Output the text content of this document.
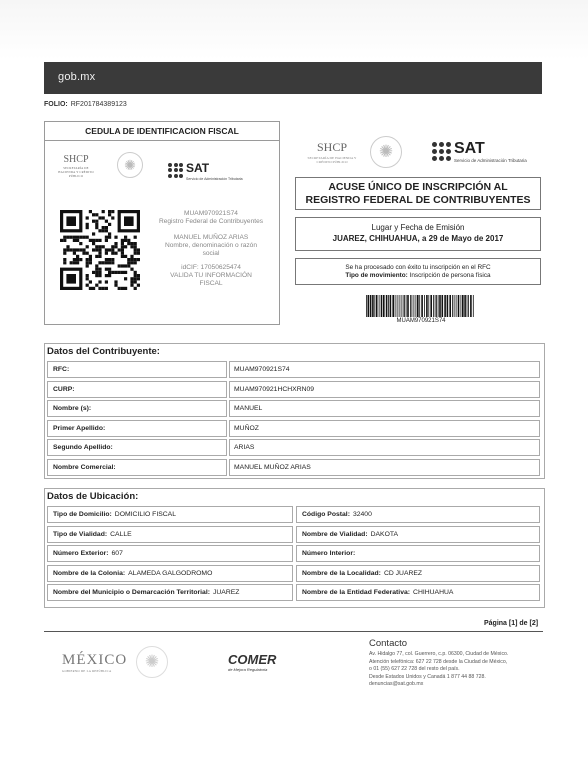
gob.mx
FOLIO: RF201784389123
CEDULA DE IDENTIFICACION FISCAL
SHCP
SECRETARÍA DE HACIENDA Y CRÉDITO PÚBLICO
✺	SAT
Servicio de Administración Tributaria
MUAM970921S74
Registro Federal de Contribuyentes
MANUEL MUÑOZ ARIAS
Nombre, denominación o razón
social
idCIF: 17050625474
VALIDA TU INFORMACIÓN
FISCAL
SHCP
SECRETARÍA DE HACIENDA Y CRÉDITO PÚBLICO
✺	SAT
Servicio de Administración Tributaria
ACUSE ÚNICO DE INSCRIPCIÓN AL
REGISTRO FEDERAL DE CONTRIBUYENTES
Lugar y Fecha de Emisión
JUAREZ, CHIHUAHUA, a 29 de Mayo de 2017
Se ha procesado con éxito tu inscripción en el RFC
Tipo de movimiento: Inscripción de persona física
MUAM970921S74
Datos del Contribuyente:
RFC:	MUAM970921S74
CURP:	MUAM970921HCHXRN09
Nombre (s):	MANUEL
Primer Apellido:	MUÑOZ
Segundo Apellido:	ARIAS
Nombre Comercial:	MANUEL MUÑOZ ARIAS
Datos de Ubicación:
Tipo de Domicilio: DOMICILIO FISCAL	Código Postal: 32400
Tipo de Vialidad: CALLE	Nombre de Vialidad: DAKOTA
Número Exterior: 607	Número Interior:
Nombre de la Colonia: ALAMEDA GALGODROMO	Nombre de la Localidad: CD JUAREZ
Nombre del Municipio o Demarcación Territorial: JUAREZ	Nombre de la Entidad Federativa: CHIHUAHUA
Página [1] de [2]
MÉXICO
GOBIERNO DE LA REPÚBLICA	✺	COMER
de Mejora Regulatoria
Contacto
Av. Hidalgo 77, col. Guerrero, c.p. 06300, Ciudad de México.
Atención telefónica: 627 22 728 desde la Ciudad de México,
o 01 (55) 627 22 728 del resto del país.
Desde Estados Unidos y Canadá 1 877 44 88 728.
denuncias@sat.gob.mx
